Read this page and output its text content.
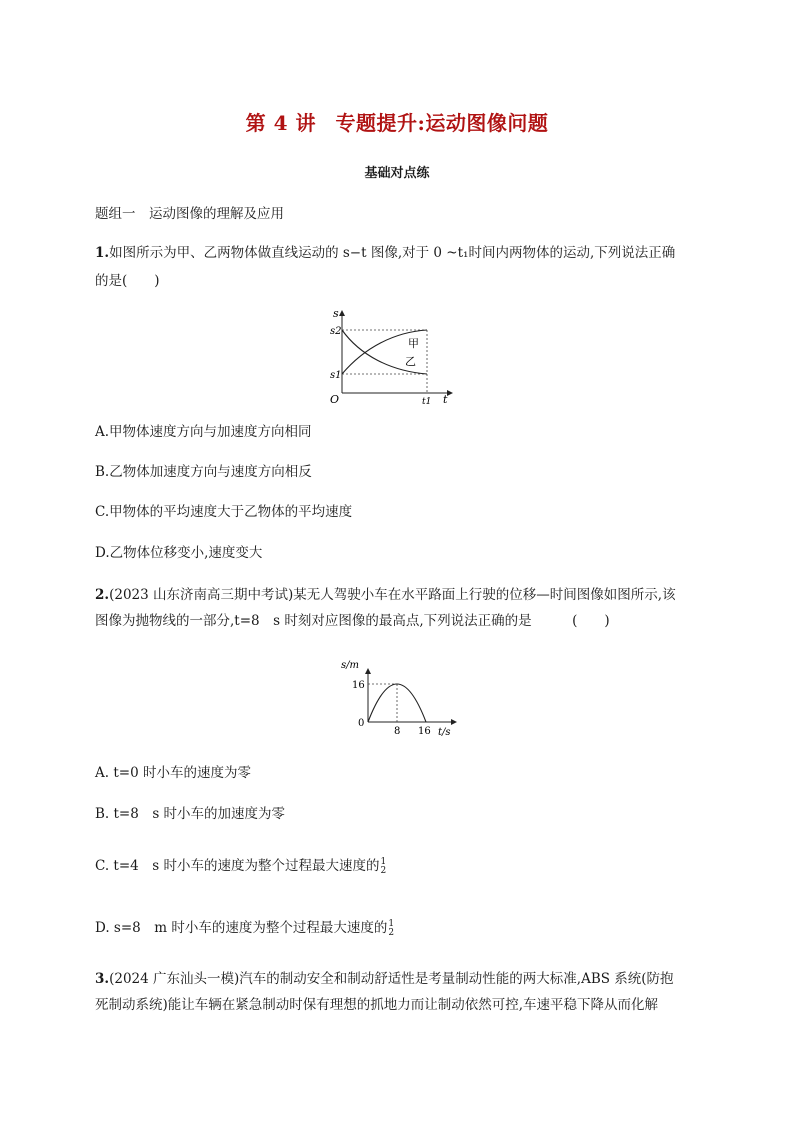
第 4 讲 专题提升:运动图像问题
基础对点练
题组一　运动图像的理解及应用
1.如图所示为甲、乙两物体做直线运动的 s−t 图像,对于 0 ~t₁时间内两物体的运动,下列说法正确
的是(　　)
s
t
O
s2
s1
t1
甲
乙
A.甲物体速度方向与加速度方向相同
B.乙物体加速度方向与速度方向相反
C.甲物体的平均速度大于乙物体的平均速度
D.乙物体位移变小,速度变大
2.(2023 山东济南高三期中考试)某无人驾驶小车在水平路面上行驶的位移—时间图像如图所示,该
图像为抛物线的一部分,t=8　s 时刻对应图像的最高点,下列说法正确的是　　　(　　)
s/m
t/s
0
16
8 16
A. t=0 时小车的速度为零
B. t=8　s 时小车的加速度为零
C. t=4　s 时小车的速度为整个过程最大速度的 1
2
D. s=8　m 时小车的速度为整个过程最大速度的 1
2
3.(2024 广东汕头一模)汽车的制动安全和制动舒适性是考量制动性能的两大标准,ABS 系统(防抱
死制动系统)能让车辆在紧急制动时保有理想的抓地力而让制动依然可控,车速平稳下降从而化解
